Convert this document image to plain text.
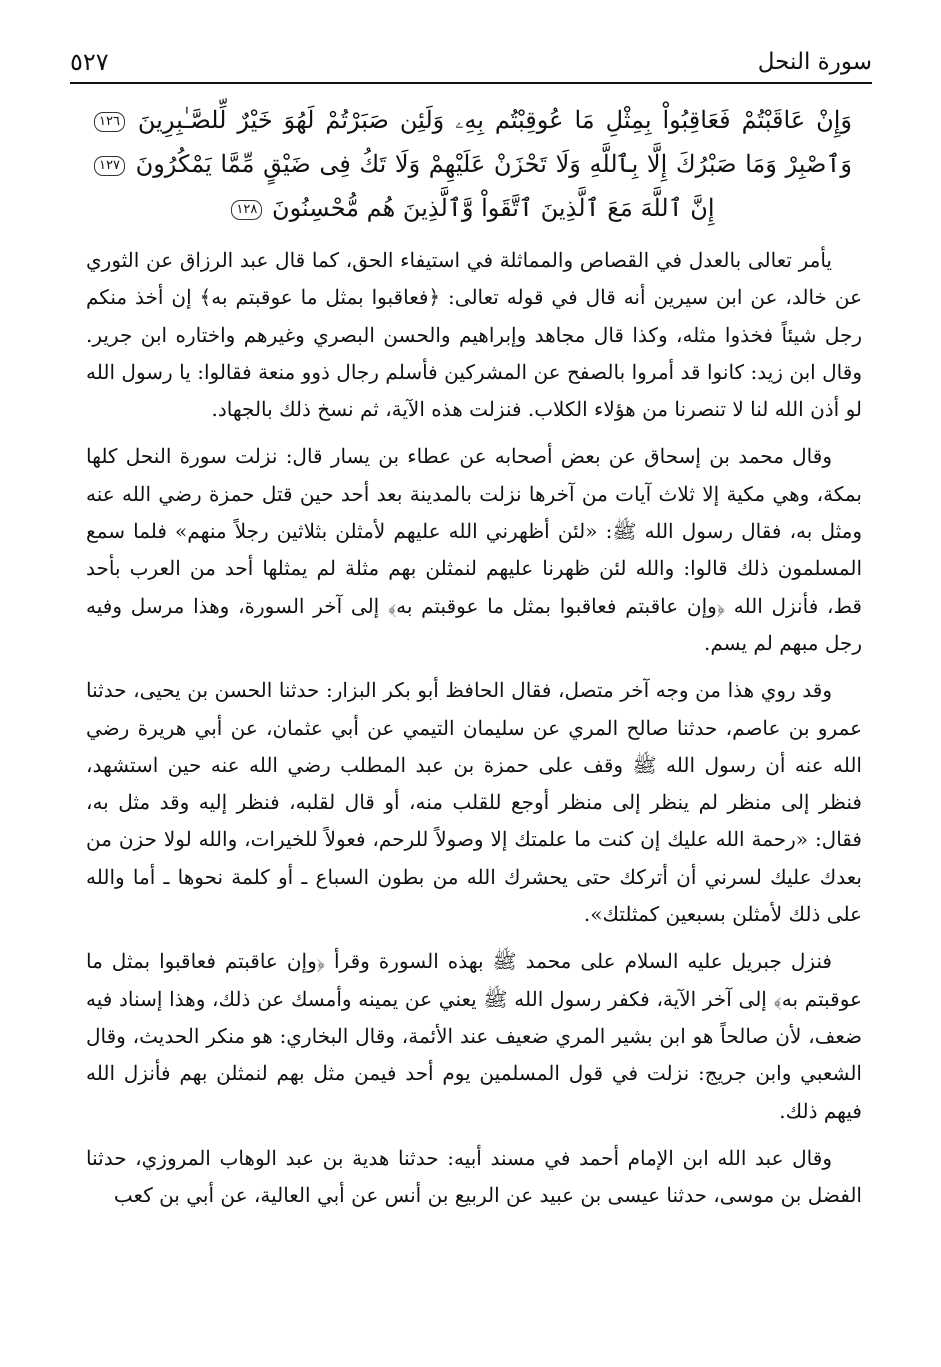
سورة النحل
٥٢٧
وَإِنْ عَاقَبْتُمْ فَعَاقِبُواْ بِمِثْلِ مَا عُوقِبْتُم بِهِۦ وَلَئِن صَبَرْتُمْ لَهُوَ خَيْرٌ لِّلصَّـٰبِرِينَ ١٢٦ وَٱصْبِرْ وَمَا صَبْرُكَ إِلَّا بِٱللَّهِ وَلَا تَحْزَنْ عَلَيْهِمْ وَلَا تَكُ فِى ضَيْقٍ مِّمَّا يَمْكُرُونَ ١٢٧ إِنَّ ٱللَّهَ مَعَ ٱلَّذِينَ ٱتَّقَواْ وَّٱلَّذِينَ هُم مُّحْسِنُونَ ١٢٨

يأمر تعالى بالعدل في القصاص والمماثلة في استيفاء الحق، كما قال عبد الرزاق عن الثوري عن خالد، عن ابن سيرين أنه قال في قوله تعالى: ﴿فعاقبوا بمثل ما عوقبتم به﴾ إن أخذ منكم رجل شيئاً فخذوا مثله، وكذا قال مجاهد وإبراهيم والحسن البصري وغيرهم واختاره ابن جرير. وقال ابن زيد: كانوا قد أمروا بالصفح عن المشركين فأسلم رجال ذوو منعة فقالوا: يا رسول الله لو أذن الله لنا لا تنصرنا من هؤلاء الكلاب. فنزلت هذه الآية، ثم نسخ ذلك بالجهاد.

وقال محمد بن إسحاق عن بعض أصحابه عن عطاء بن يسار قال: نزلت سورة النحل كلها بمكة، وهي مكية إلا ثلاث آيات من آخرها نزلت بالمدينة بعد أحد حين قتل حمزة رضي الله عنه ومثل به، فقال رسول الله ﷺ: «لئن أظهرني الله عليهم لأمثلن بثلاثين رجلاً منهم» فلما سمع المسلمون ذلك قالوا: والله لئن ظهرنا عليهم لنمثلن بهم مثلة لم يمثلها أحد من العرب بأحد قط، فأنزل الله ﴿وإن عاقبتم فعاقبوا بمثل ما عوقبتم به﴾ إلى آخر السورة، وهذا مرسل وفيه رجل مبهم لم يسم.

وقد روي هذا من وجه آخر متصل، فقال الحافظ أبو بكر البزار: حدثنا الحسن بن يحيى، حدثنا عمرو بن عاصم، حدثنا صالح المري عن سليمان التيمي عن أبي عثمان، عن أبي هريرة رضي الله عنه أن رسول الله ﷺ وقف على حمزة بن عبد المطلب رضي الله عنه حين استشهد، فنظر إلى منظر لم ينظر إلى منظر أوجع للقلب منه، أو قال لقلبه، فنظر إليه وقد مثل به، فقال: «رحمة الله عليك إن كنت ما علمتك إلا وصولاً للرحم، فعولاً للخيرات، والله لولا حزن من بعدك عليك لسرني أن أتركك حتى يحشرك الله من بطون السباع ـ أو كلمة نحوها ـ أما والله على ذلك لأمثلن بسبعين كمثلتك».

فنزل جبريل عليه السلام على محمد ﷺ بهذه السورة وقرأ ﴿وإن عاقبتم فعاقبوا بمثل ما عوقبتم به﴾ إلى آخر الآية، فكفر رسول الله ﷺ يعني عن يمينه وأمسك عن ذلك، وهذا إسناد فيه ضعف، لأن صالحاً هو ابن بشير المري ضعيف عند الأئمة، وقال البخاري: هو منكر الحديث، وقال الشعبي وابن جريج: نزلت في قول المسلمين يوم أحد فيمن مثل بهم لنمثلن بهم فأنزل الله فيهم ذلك.

وقال عبد الله ابن الإمام أحمد في مسند أبيه: حدثنا هدية بن عبد الوهاب المروزي، حدثنا الفضل بن موسى، حدثنا عيسى بن عبيد عن الربيع بن أنس عن أبي العالية، عن أبي بن كعب
